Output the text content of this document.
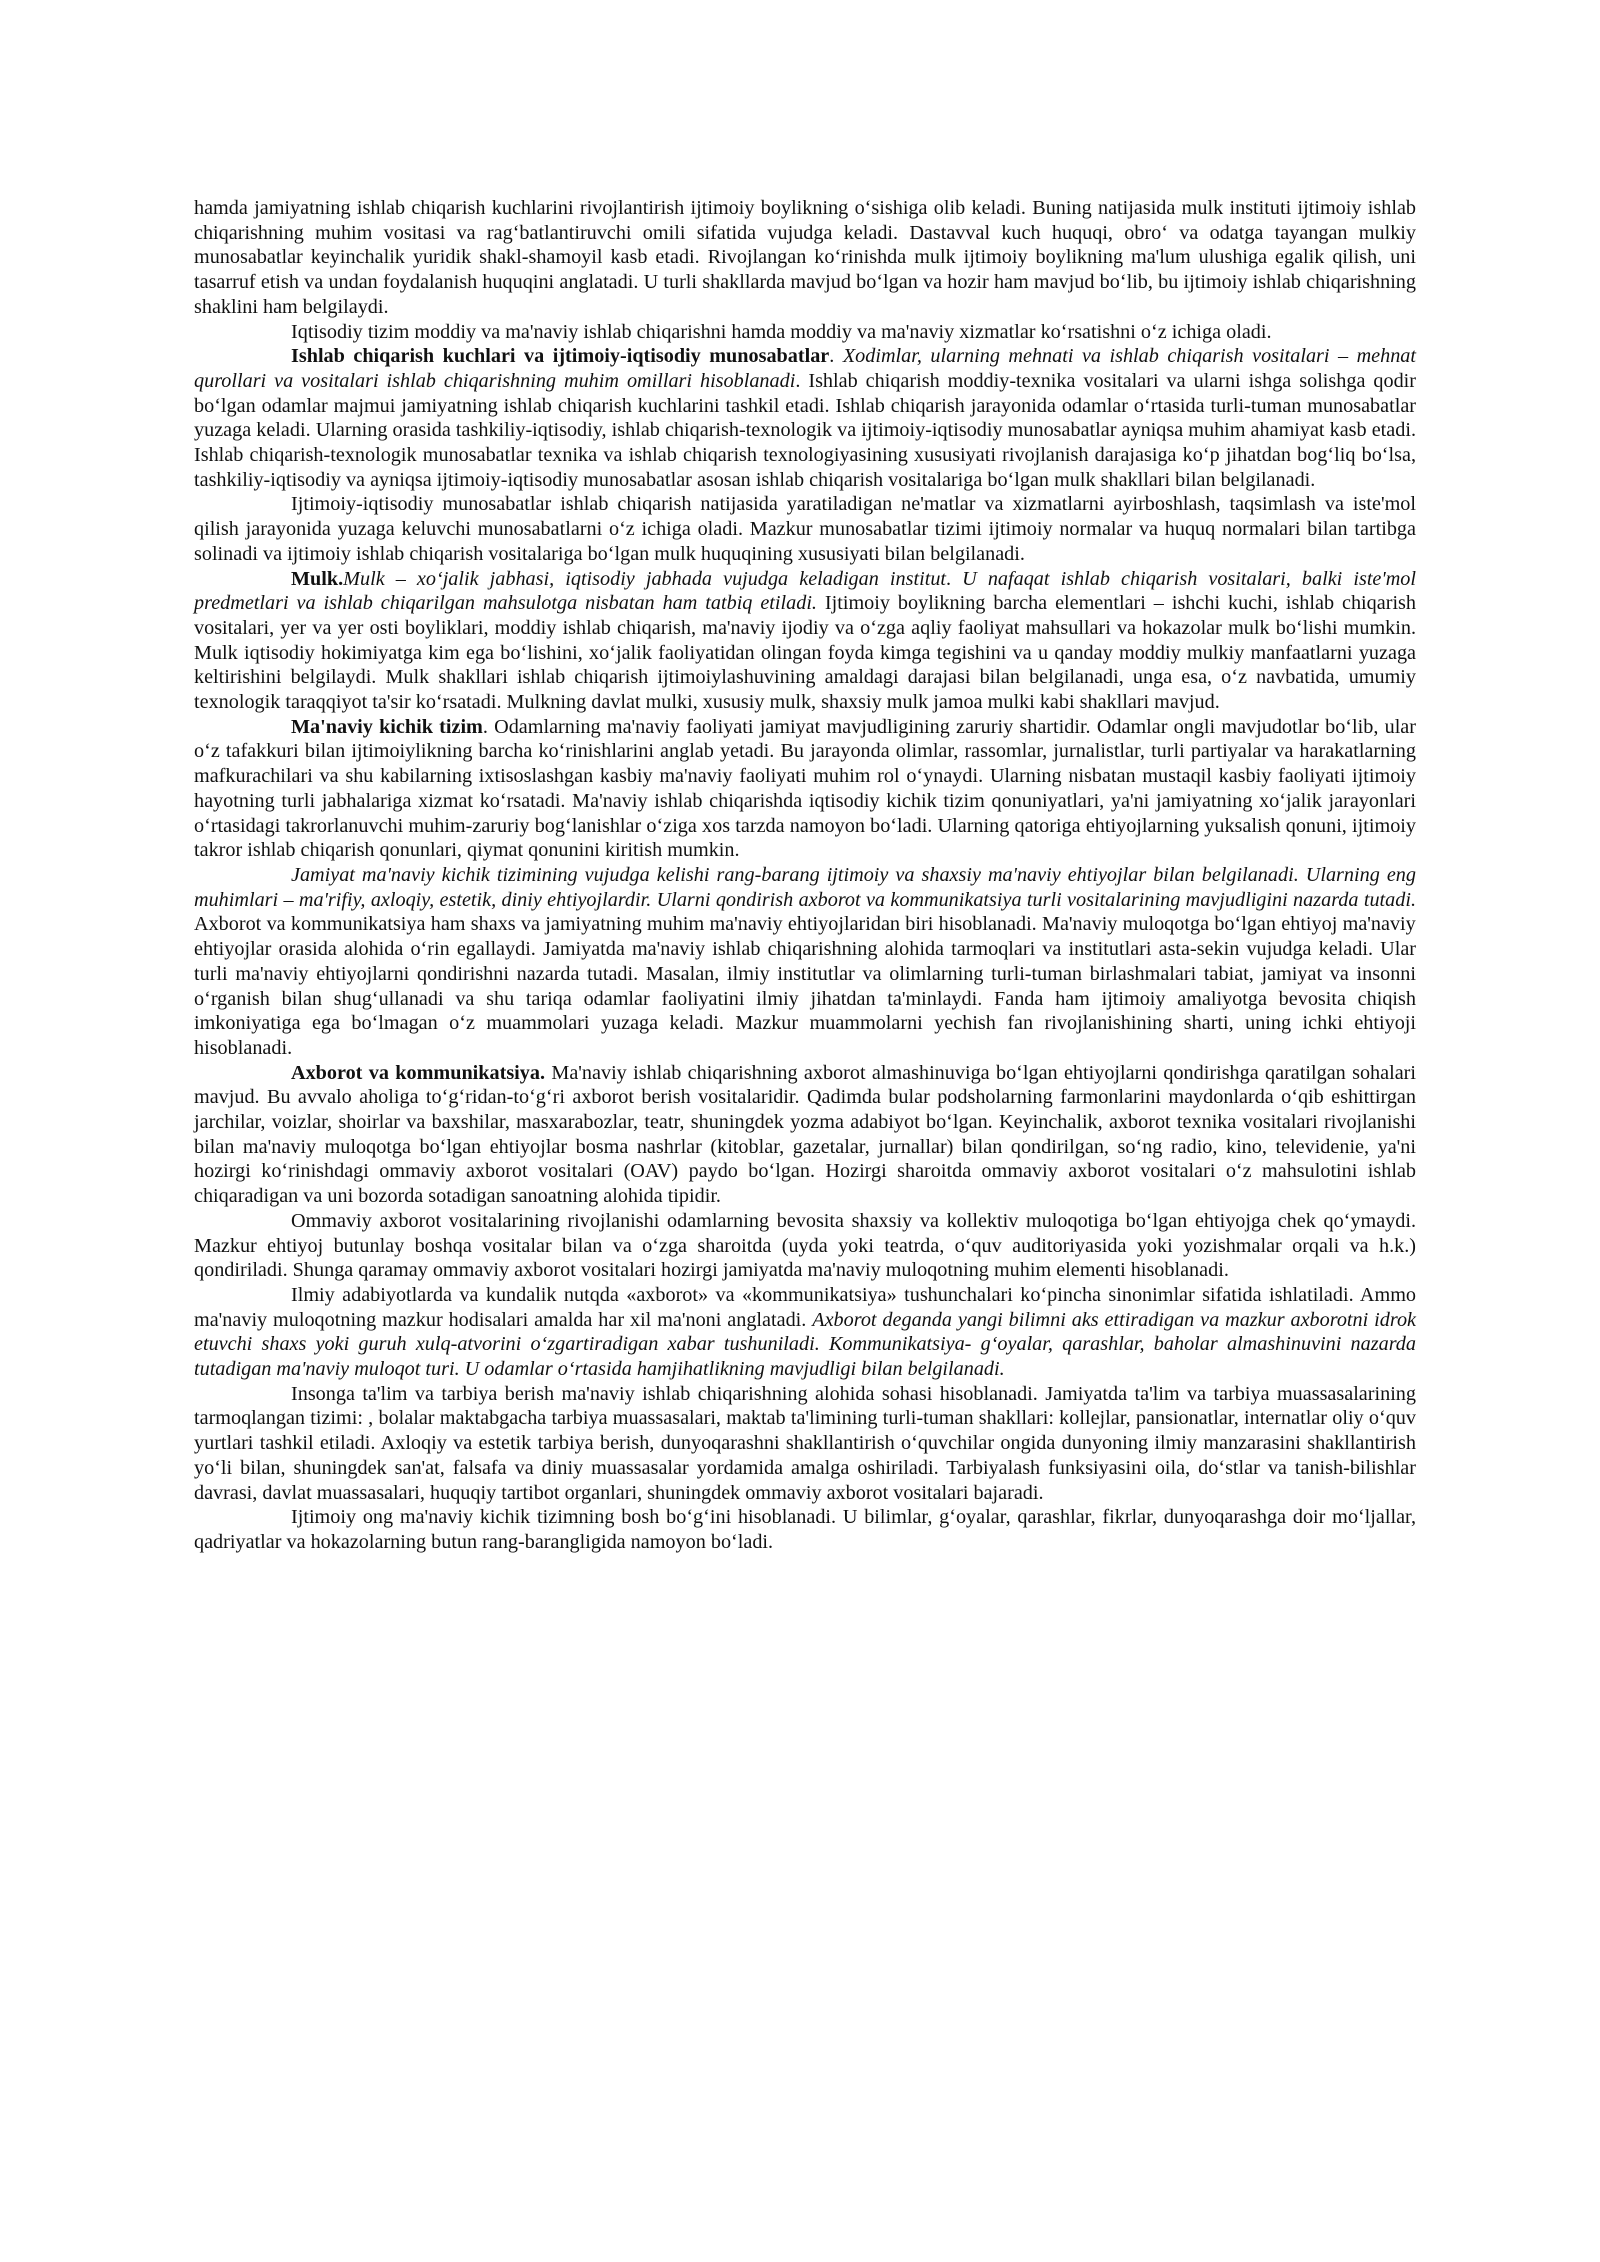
hamda jamiyatning ishlab chiqarish kuchlarini rivojlantirish ijtimoiy boylikning o‘sishiga olib keladi. Buning natijasida mulk instituti ijtimoiy ishlab chiqarishning muhim vositasi va rag‘batlantiruvchi omili sifatida vujudga keladi. Dastavval kuch huquqi, obro‘ va odatga tayangan mulkiy munosabatlar keyinchalik yuridik shakl-shamoyil kasb etadi. Rivojlangan ko‘rinishda mulk ijtimoiy boylikning ma'lum ulushiga egalik qilish, uni tasarruf etish va undan foydalanish huquqini anglatadi. U turli shakllarda mavjud bo‘lgan va hozir ham mavjud bo‘lib, bu ijtimoiy ishlab chiqarishning shaklini ham belgilaydi.

Iqtisodiy tizim moddiy va ma'naviy ishlab chiqarishni hamda moddiy va ma'naviy xizmatlar ko‘rsatishni o‘z ichiga oladi.

Ishlab chiqarish kuchlari va ijtimoiy-iqtisodiy munosabatlar. Xodimlar, ularning mehnati va ishlab chiqarish vositalari – mehnat qurollari va vositalari ishlab chiqarishning muhim omillari hisoblanadi. Ishlab chiqarish moddiy-texnika vositalari va ularni ishga solishga qodir bo‘lgan odamlar majmui jamiyatning ishlab chiqarish kuchlarini tashkil etadi. Ishlab chiqarish jarayonida odamlar o‘rtasida turli-tuman munosabatlar yuzaga keladi. Ularning orasida tashkiliy-iqtisodiy, ishlab chiqarish-texnologik va ijtimoiy-iqtisodiy munosabatlar ayniqsa muhim ahamiyat kasb etadi. Ishlab chiqarish-texnologik munosabatlar texnika va ishlab chiqarish texnologiyasining xususiyati rivojlanish darajasiga ko‘p jihatdan bog‘liq bo‘lsa, tashkiliy-iqtisodiy va ayniqsa ijtimoiy-iqtisodiy munosabatlar asosan ishlab chiqarish vositalariga bo‘lgan mulk shakllari bilan belgilanadi.

Ijtimoiy-iqtisodiy munosabatlar ishlab chiqarish natijasida yaratiladigan ne'matlar va xizmatlarni ayirboshlash, taqsimlash va iste'mol qilish jarayonida yuzaga keluvchi munosabatlarni o‘z ichiga oladi. Mazkur munosabatlar tizimi ijtimoiy normalar va huquq normalari bilan tartibga solinadi va ijtimoiy ishlab chiqarish vositalariga bo‘lgan mulk huquqining xususiyati bilan belgilanadi.

Mulk.Mulk – xo‘jalik jabhasi, iqtisodiy jabhada vujudga keladigan institut. U nafaqat ishlab chiqarish vositalari, balki iste'mol predmetlari va ishlab chiqarilgan mahsulotga nisbatan ham tatbiq etiladi. Ijtimoiy boylikning barcha elementlari – ishchi kuchi, ishlab chiqarish vositalari, yer va yer osti boyliklari, moddiy ishlab chiqarish, ma'naviy ijodiy va o‘zga aqliy faoliyat mahsullari va hokazolar mulk bo‘lishi mumkin. Mulk iqtisodiy hokimiyatga kim ega bo‘lishini, xo‘jalik faoliyatidan olingan foyda kimga tegishini va u qanday moddiy mulkiy manfaatlarni yuzaga keltirishini belgilaydi. Mulk shakllari ishlab chiqarish ijtimoiylashuvining amaldagi darajasi bilan belgilanadi, unga esa, o‘z navbatida, umumiy texnologik taraqqiyot ta'sir ko‘rsatadi. Mulkning davlat mulki, xususiy mulk, shaxsiy mulk jamoa mulki kabi shakllari mavjud.

Ma'naviy kichik tizim. Odamlarning ma'naviy faoliyati jamiyat mavjudligining zaruriy shartidir. Odamlar ongli mavjudotlar bo‘lib, ular o‘z tafakkuri bilan ijtimoiylikning barcha ko‘rinishlarini anglab yetadi. Bu jarayonda olimlar, rassomlar, jurnalistlar, turli partiyalar va harakatlarning mafkurachilari va shu kabilarning ixtisoslashgan kasbiy ma'naviy faoliyati muhim rol o‘ynaydi. Ularning nisbatan mustaqil kasbiy faoliyati ijtimoiy hayotning turli jabhalariga xizmat ko‘rsatadi. Ma'naviy ishlab chiqarishda iqtisodiy kichik tizim qonuniyatlari, ya'ni jamiyatning xo‘jalik jarayonlari o‘rtasidagi takrorlanuvchi muhim-zaruriy bog‘lanishlar o‘ziga xos tarzda namoyon bo‘ladi. Ularning qatoriga ehtiyojlarning yuksalish qonuni, ijtimoiy takror ishlab chiqarish qonunlari, qiymat qonunini kiritish mumkin.

Jamiyat ma'naviy kichik tizimining vujudga kelishi rang-barang ijtimoiy va shaxsiy ma'naviy ehtiyojlar bilan belgilanadi. Ularning eng muhimlari – ma'rifiy, axloqiy, estetik, diniy ehtiyojlardir. Ularni qondirish axborot va kommunikatsiya turli vositalarining mavjudligini nazarda tutadi. Axborot va kommunikatsiya ham shaxs va jamiyatning muhim ma'naviy ehtiyojlaridan biri hisoblanadi. Ma'naviy muloqotga bo‘lgan ehtiyoj ma'naviy ehtiyojlar orasida alohida o‘rin egallaydi. Jamiyatda ma'naviy ishlab chiqarishning alohida tarmoqlari va institutlari asta-sekin vujudga keladi. Ular turli ma'naviy ehtiyojlarni qondirishni nazarda tutadi. Masalan, ilmiy institutlar va olimlarning turli-tuman birlashmalari tabiat, jamiyat va insonni o‘rganish bilan shug‘ullanadi va shu tariqa odamlar faoliyatini ilmiy jihatdan ta'minlaydi. Fanda ham ijtimoiy amaliyotga bevosita chiqish imkoniyatiga ega bo‘lmagan o‘z muammolari yuzaga keladi. Mazkur muammolarni yechish fan rivojlanishining sharti, uning ichki ehtiyoji hisoblanadi.

Axborot va kommunikatsiya. Ma'naviy ishlab chiqarishning axborot almashinuviga bo‘lgan ehtiyojlarni qondirishga qaratilgan sohalari mavjud. Bu avvalo aholiga to‘g‘ridan-to‘g‘ri axborot berish vositalaridir. Qadimda bular podsholarning farmonlarini maydonlarda o‘qib eshittirgan jarchilar, voizlar, shoirlar va baxshilar, masxarabozlar, teatr, shuningdek yozma adabiyot bo‘lgan. Keyinchalik, axborot texnika vositalari rivojlanishi bilan ma'naviy muloqotga bo‘lgan ehtiyojlar bosma nashrlar (kitoblar, gazetalar, jurnallar) bilan qondirilgan, so‘ng radio, kino, televidenie, ya'ni hozirgi ko‘rinishdagi ommaviy axborot vositalari (OAV) paydo bo‘lgan. Hozirgi sharoitda ommaviy axborot vositalari o‘z mahsulotini ishlab chiqaradigan va uni bozorda sotadigan sanoatning alohida tipidir.

Ommaviy axborot vositalarining rivojlanishi odamlarning bevosita shaxsiy va kollektiv muloqotiga bo‘lgan ehtiyojga chek qo‘ymaydi. Mazkur ehtiyoj butunlay boshqa vositalar bilan va o‘zga sharoitda (uyda yoki teatrda, o‘quv auditoriyasida yoki yozishmalar orqali va h.k.) qondiriladi. Shunga qaramay ommaviy axborot vositalari hozirgi jamiyatda ma'naviy muloqotning muhim elementi hisoblanadi.

Ilmiy adabiyotlarda va kundalik nutqda «axborot» va «kommunikatsiya» tushunchalari ko‘pincha sinonimlar sifatida ishlatiladi. Ammo ma'naviy muloqotning mazkur hodisalari amalda har xil ma'noni anglatadi. Axborot deganda yangi bilimni aks ettiradigan va mazkur axborotni idrok etuvchi shaxs yoki guruh xulq-atvorini o‘zgartiradigan xabar tushuniladi. Kommunikatsiya- g‘oyalar, qarashlar, baholar almashinuvini nazarda tutadigan ma'naviy muloqot turi. U odamlar o‘rtasida hamjihatlikning mavjudligi bilan belgilanadi.

Insonga ta'lim va tarbiya berish ma'naviy ishlab chiqarishning alohida sohasi hisoblanadi. Jamiyatda ta'lim va tarbiya muassasalarining tarmoqlangan tizimi: , bolalar maktabgacha tarbiya muassasalari, maktab ta'limining turli-tuman shakllari: kollejlar, pansionatlar, internatlar oliy o‘quv yurtlari tashkil etiladi. Axloqiy va estetik tarbiya berish, dunyoqarashni shakllantirish o‘quvchilar ongida dunyoning ilmiy manzarasini shakllantirish yo‘li bilan, shuningdek san'at, falsafa va diniy muassasalar yordamida amalga oshiriladi. Tarbiyalash funksiyasini oila, do‘stlar va tanish-bilishlar davrasi, davlat muassasalari, huquqiy tartibot organlari, shuningdek ommaviy axborot vositalari bajaradi.

Ijtimoiy ong ma'naviy kichik tizimning bosh bo‘g‘ini hisoblanadi. U bilimlar, g‘oyalar, qarashlar, fikrlar, dunyoqarashga doir mo‘ljallar, qadriyatlar va hokazolarning butun rang-barangligida namoyon bo‘ladi.
